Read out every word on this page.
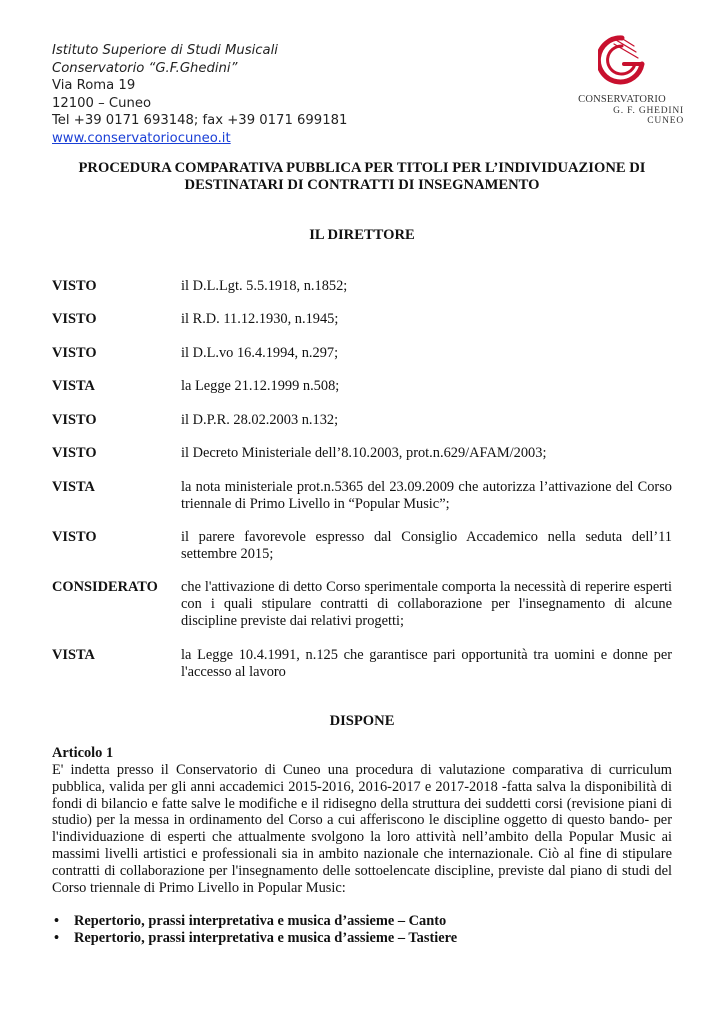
Istituto Superiore di Studi Musicali
Conservatorio “G.F.Ghedini”
Via Roma 19
12100 – Cuneo
Tel +39 0171 693148; fax +39 0171 699181
www.conservatoriocuneo.it
CONSERVATORIO
G. F. GHEDINI
CUNEO
PROCEDURA COMPARATIVA PUBBLICA PER TITOLI PER L’INDIVIDUAZIONE DI DESTINATARI DI CONTRATTI DI INSEGNAMENTO
IL DIRETTORE
VISTO	il D.L.Lgt. 5.5.1918, n.1852;
VISTO	il R.D. 11.12.1930, n.1945;
VISTO	il D.L.vo 16.4.1994, n.297;
VISTA	la Legge 21.12.1999 n.508;
VISTO	il D.P.R. 28.02.2003 n.132;
VISTO	il Decreto Ministeriale dell’8.10.2003, prot.n.629/AFAM/2003;
VISTA	la nota ministeriale prot.n.5365 del 23.09.2009 che autorizza l’attivazione del Corso triennale di Primo Livello in “Popular Music”;
VISTO	il parere favorevole espresso dal Consiglio Accademico nella seduta dell’11 settembre 2015;
CONSIDERATO che l'attivazione di detto Corso sperimentale comporta la necessità di reperire esperti con i quali stipulare contratti di collaborazione per l'insegnamento di alcune discipline previste dai relativi progetti;
VISTA	la Legge 10.4.1991, n.125 che garantisce pari opportunità tra uomini e donne per l'accesso al lavoro
DISPONE
Articolo 1
E' indetta presso il Conservatorio di Cuneo una procedura di valutazione comparativa di curriculum pubblica, valida per gli anni accademici 2015-2016, 2016-2017 e 2017-2018 -fatta salva la disponibilità di fondi di bilancio e fatte salve le modifiche e il ridisegno della struttura dei suddetti corsi (revisione piani di studio) per la messa in ordinamento del Corso a cui afferiscono le discipline oggetto di questo bando- per l'individuazione di esperti che attualmente svolgono la loro attività nell’ambito della Popular Music ai massimi livelli artistici e professionali sia in ambito nazionale che internazionale. Ciò al fine di stipulare contratti di collaborazione per l'insegnamento delle sottoelencate discipline, previste dal piano di studi del Corso triennale di Primo Livello in Popular Music:
• Repertorio, prassi interpretativa e musica d’assieme – Canto
• Repertorio, prassi interpretativa e musica d’assieme – Tastiere
